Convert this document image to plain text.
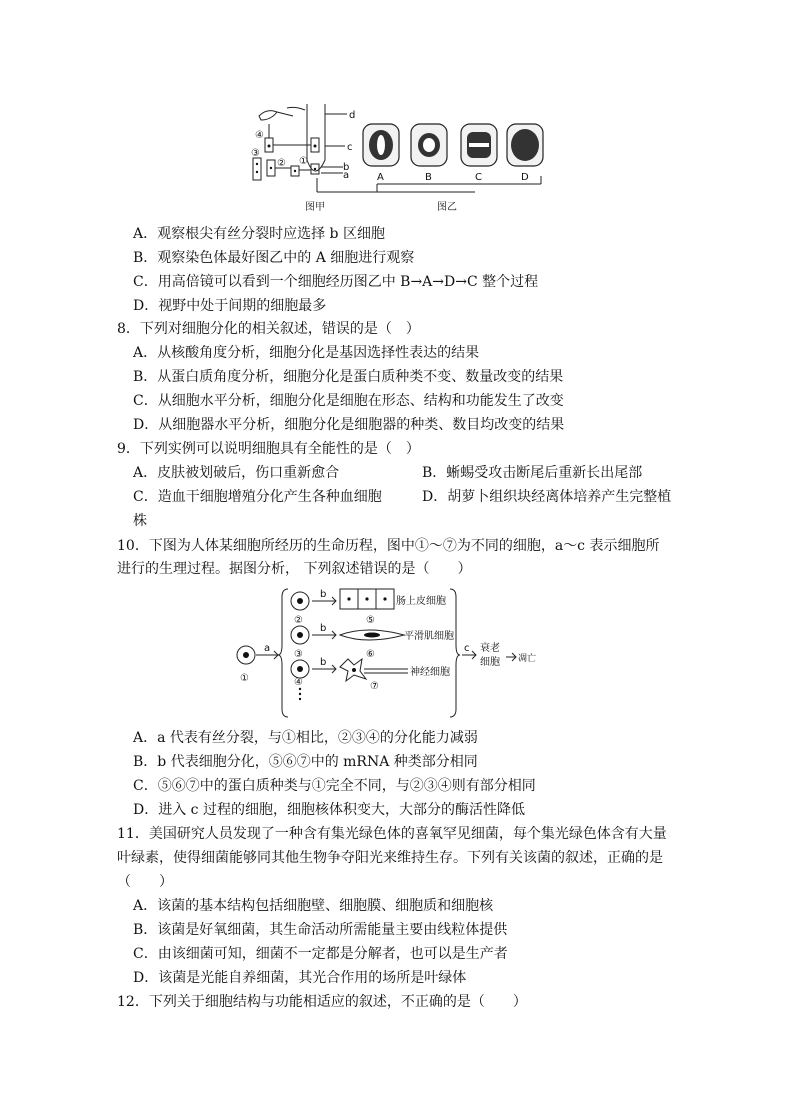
d
c
b
a
④
③
② ①
A	B	C	D
图甲	图乙
A．观察根尖有丝分裂时应选择 b 区细胞
B．观察染色体最好图乙中的 A 细胞进行观察
C．用高倍镜可以看到一个细胞经历图乙中 B→A→D→C 整个过程
D．视野中处于间期的细胞最多
8．下列对细胞分化的相关叙述，错误的是（　）
A．从核酸角度分析，细胞分化是基因选择性表达的结果
B．从蛋白质角度分析，细胞分化是蛋白质种类不变、数量改变的结果
C．从细胞水平分析，细胞分化是细胞在形态、结构和功能发生了改变
D．从细胞器水平分析，细胞分化是细胞器的种类、数目均改变的结果
9．下列实例可以说明细胞具有全能性的是（　）
A．皮肤被划破后，伤口重新愈合	B．蜥蜴受攻击断尾后重新长出尾部
C．造血干细胞增殖分化产生各种血细胞	D．胡萝卜组织块经离体培养产生完整植
株
10．下图为人体某细胞所经历的生命历程，图中①～⑦为不同的细胞，a～c 表示细胞所
进行的生理过程。据图分析， 下列叙述错误的是（　　）
①
②
③
④
⑤
⑥
⑦
a
b
b
b
c
肠上皮细胞
平滑肌细胞
神经细胞
衰老
细胞 凋亡
A．a 代表有丝分裂，与①相比，②③④的分化能力减弱
B．b 代表细胞分化，⑤⑥⑦中的 mRNA 种类部分相同
C．⑤⑥⑦中的蛋白质种类与①完全不同，与②③④则有部分相同
D．进入 c 过程的细胞，细胞核体积变大，大部分的酶活性降低
11．美国研究人员发现了一种含有集光绿色体的喜氧罕见细菌，每个集光绿色体含有大量
叶绿素，使得细菌能够同其他生物争夺阳光来维持生存。下列有关该菌的叙述，正确的是
（　　）
A．该菌的基本结构包括细胞壁、细胞膜、细胞质和细胞核
B．该菌是好氧细菌，其生命活动所需能量主要由线粒体提供
C．由该细菌可知，细菌不一定都是分解者，也可以是生产者
D．该菌是光能自养细菌，其光合作用的场所是叶绿体
12．下列关于细胞结构与功能相适应的叙述，不正确的是（　　）
